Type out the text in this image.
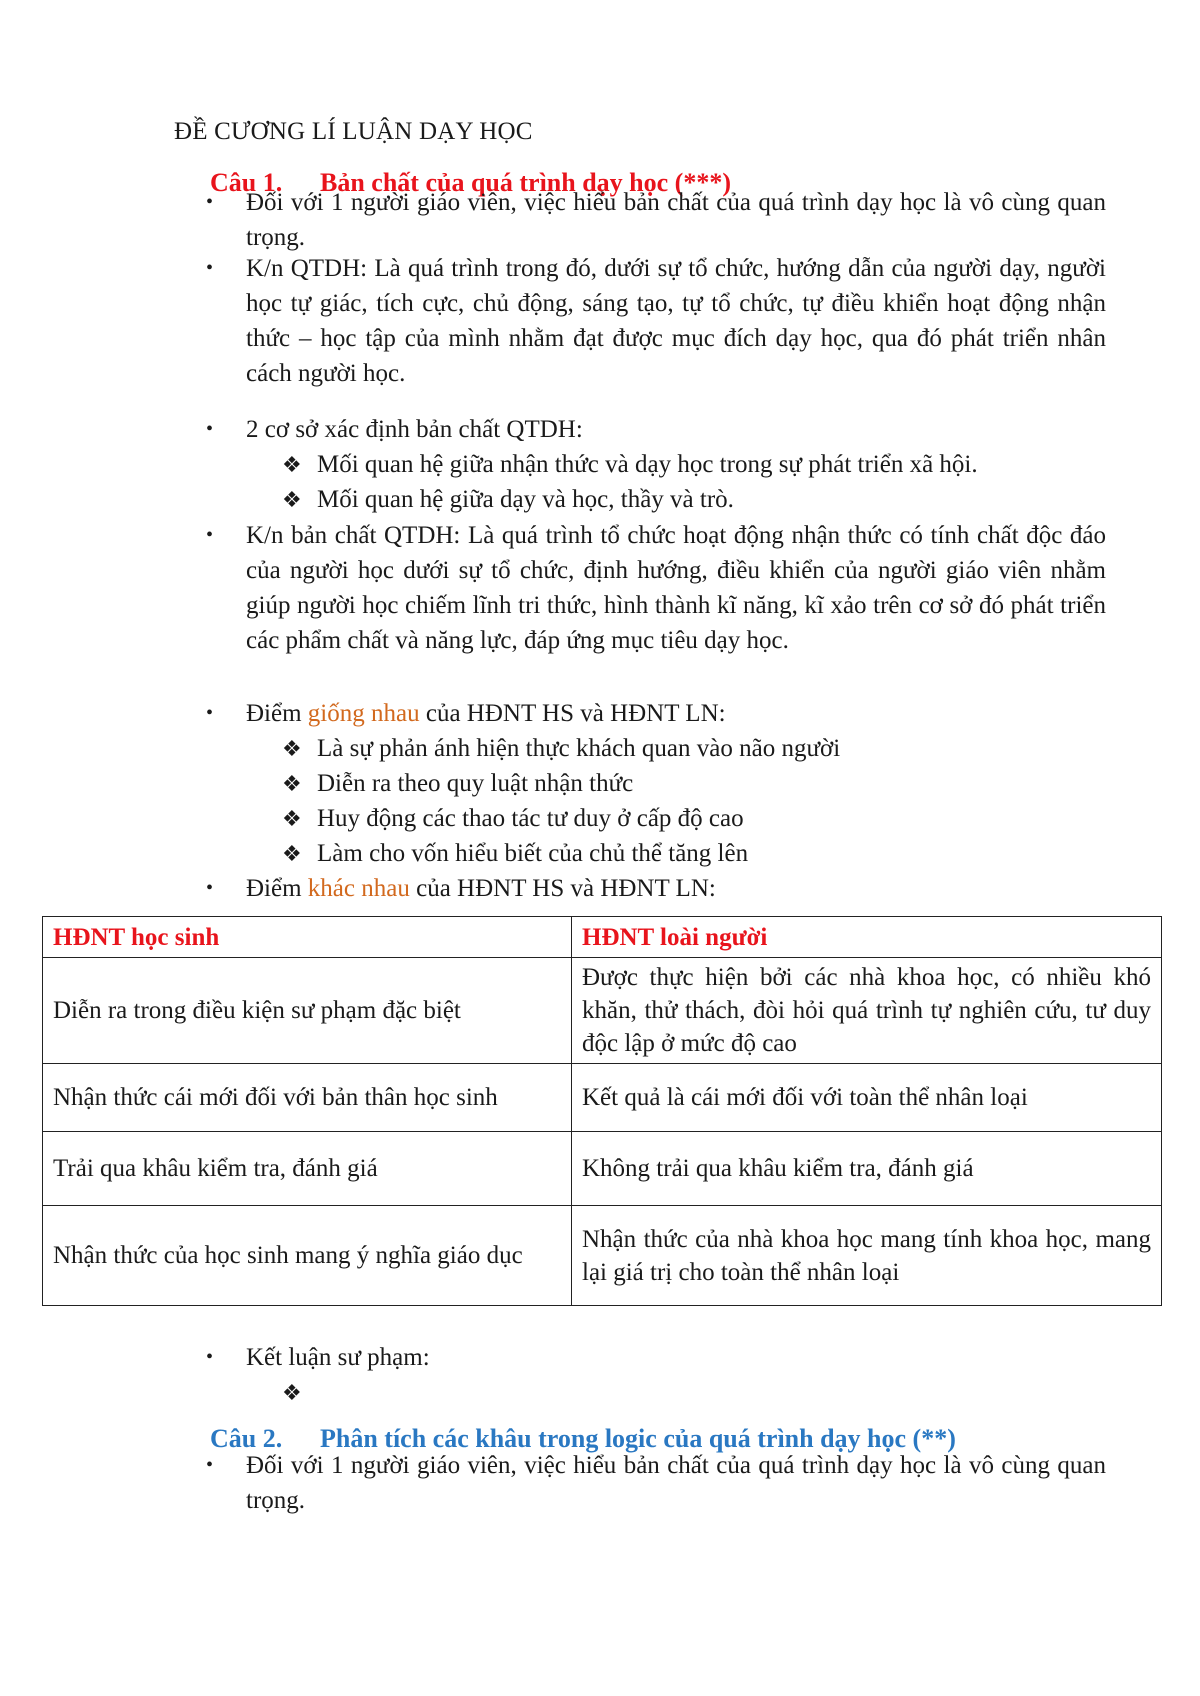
ĐỀ CƯƠNG LÍ LUẬN DẠY HỌC
Câu 1.	Bản chất của quá trình dạy học (***)
•	Đối với 1 người giáo viên, việc hiểu bản chất của quá trình dạy học là vô cùng quan trọng.
•	K/n QTDH: Là quá trình trong đó, dưới sự tổ chức, hướng dẫn của người dạy, người học tự giác, tích cực, chủ động, sáng tạo, tự tổ chức, tự điều khiển hoạt động nhận thức – học tập của mình nhằm đạt được mục đích dạy học, qua đó phát triển nhân cách người học.
•	2 cơ sở xác định bản chất QTDH:
❖ Mối quan hệ giữa nhận thức và dạy học trong sự phát triển xã hội.
❖ Mối quan hệ giữa dạy và học, thầy và trò.
•	K/n bản chất QTDH: Là quá trình tổ chức hoạt động nhận thức có tính chất độc đáo của người học dưới sự tổ chức, định hướng, điều khiển của người giáo viên nhằm giúp người học chiếm lĩnh tri thức, hình thành kĩ năng, kĩ xảo trên cơ sở đó phát triển các phẩm chất và năng lực, đáp ứng mục tiêu dạy học.
•	Điểm giống nhau của HĐNT HS và HĐNT LN:
❖ Là sự phản ánh hiện thực khách quan vào não người
❖ Diễn ra theo quy luật nhận thức
❖ Huy động các thao tác tư duy ở cấp độ cao
❖ Làm cho vốn hiểu biết của chủ thể tăng lên
•	Điểm khác nhau của HĐNT HS và HĐNT LN:
HĐNT học sinh	HĐNT loài người
Diễn ra trong điều kiện sư phạm đặc biệt	Được thực hiện bởi các nhà khoa học, có nhiều khó khăn, thử thách, đòi hỏi quá trình tự nghiên cứu, tư duy độc lập ở mức độ cao
Nhận thức cái mới đối với bản thân học sinh	Kết quả là cái mới đối với toàn thể nhân loại
Trải qua khâu kiểm tra, đánh giá	Không trải qua khâu kiểm tra, đánh giá
Nhận thức của học sinh mang ý nghĩa giáo dục	Nhận thức của nhà khoa học mang tính khoa học, mang lại giá trị cho toàn thể nhân loại
•	Kết luận sư phạm:
❖
Câu 2.	Phân tích các khâu trong logic của quá trình dạy học (**)
•	Đối với 1 người giáo viên, việc hiểu bản chất của quá trình dạy học là vô cùng quan trọng.
